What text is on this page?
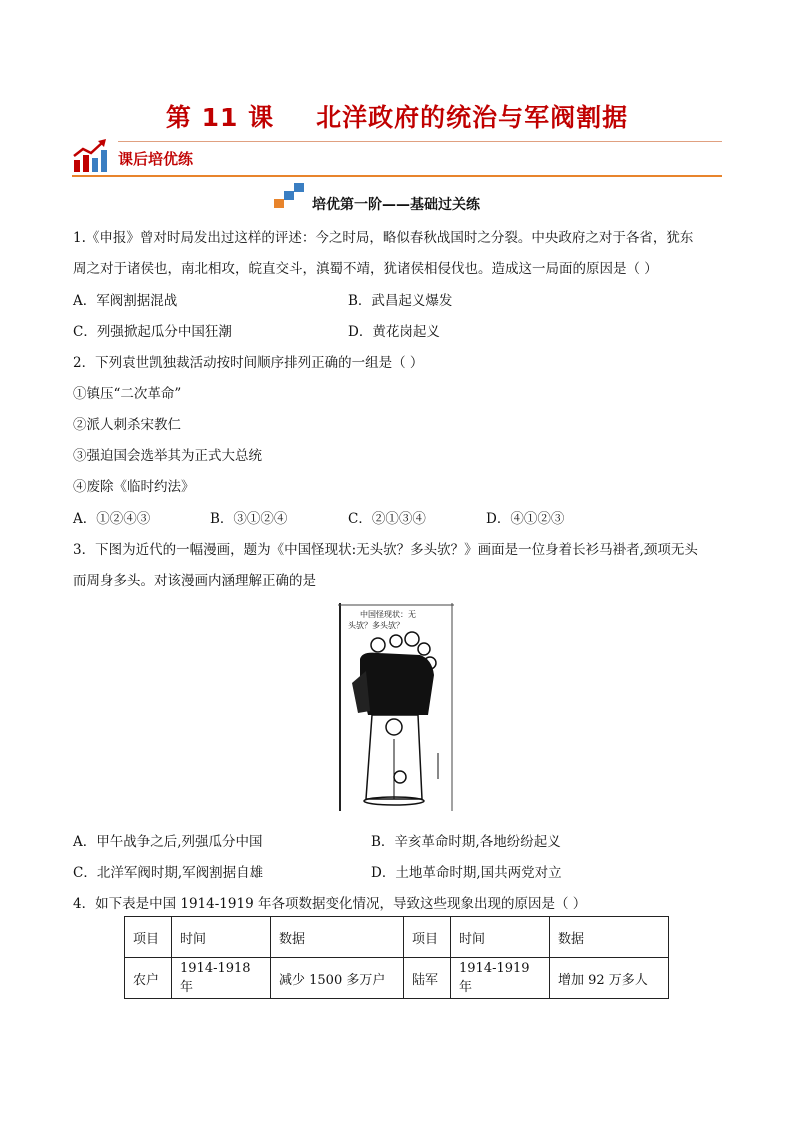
第 11 课 北洋政府的统治与军阀割据
课后培优练
培优第一阶——基础过关练
1.《申报》曾对时局发出过这样的评述：今之时局，略似春秋战国时之分裂。中央政府之对于各省，犹东
周之对于诸侯也，南北相攻，皖直交斗，滇蜀不靖，犹诸侯相侵伐也。造成这一局面的原因是（ ）
A．军阀割据混战	B．武昌起义爆发
C．列强掀起瓜分中国狂潮	D．黄花岗起义
2．下列袁世凯独裁活动按时间顺序排列正确的一组是（ ）
①镇压“二次革命”
②派人刺杀宋教仁
③强迫国会选举其为正式大总统
④废除《临时约法》
A．①②④③	B．③①②④	C．②①③④	D．④①②③
3．下图为近代的一幅漫画，题为《中国怪现状:无头欤？多头欤？》画面是一位身着长衫马褂者,颈项无头
而周身多头。对该漫画内涵理解正确的是
中国怪现状：无
头欤？多头欤？
A．甲午战争之后,列强瓜分中国	B．辛亥革命时期,各地纷纷起义
C．北洋军阀时期,军阀割据自雄	D．土地革命时期,国共两党对立
4．如下表是中国 1914-1919 年各项数据变化情况，导致这些现象出现的原因是（ ）
项目	时间	数据	项目	时间	数据
农户	1914-1918 年	减少 1500 多万户	陆军	1914-1919 年	增加 92 万多人
